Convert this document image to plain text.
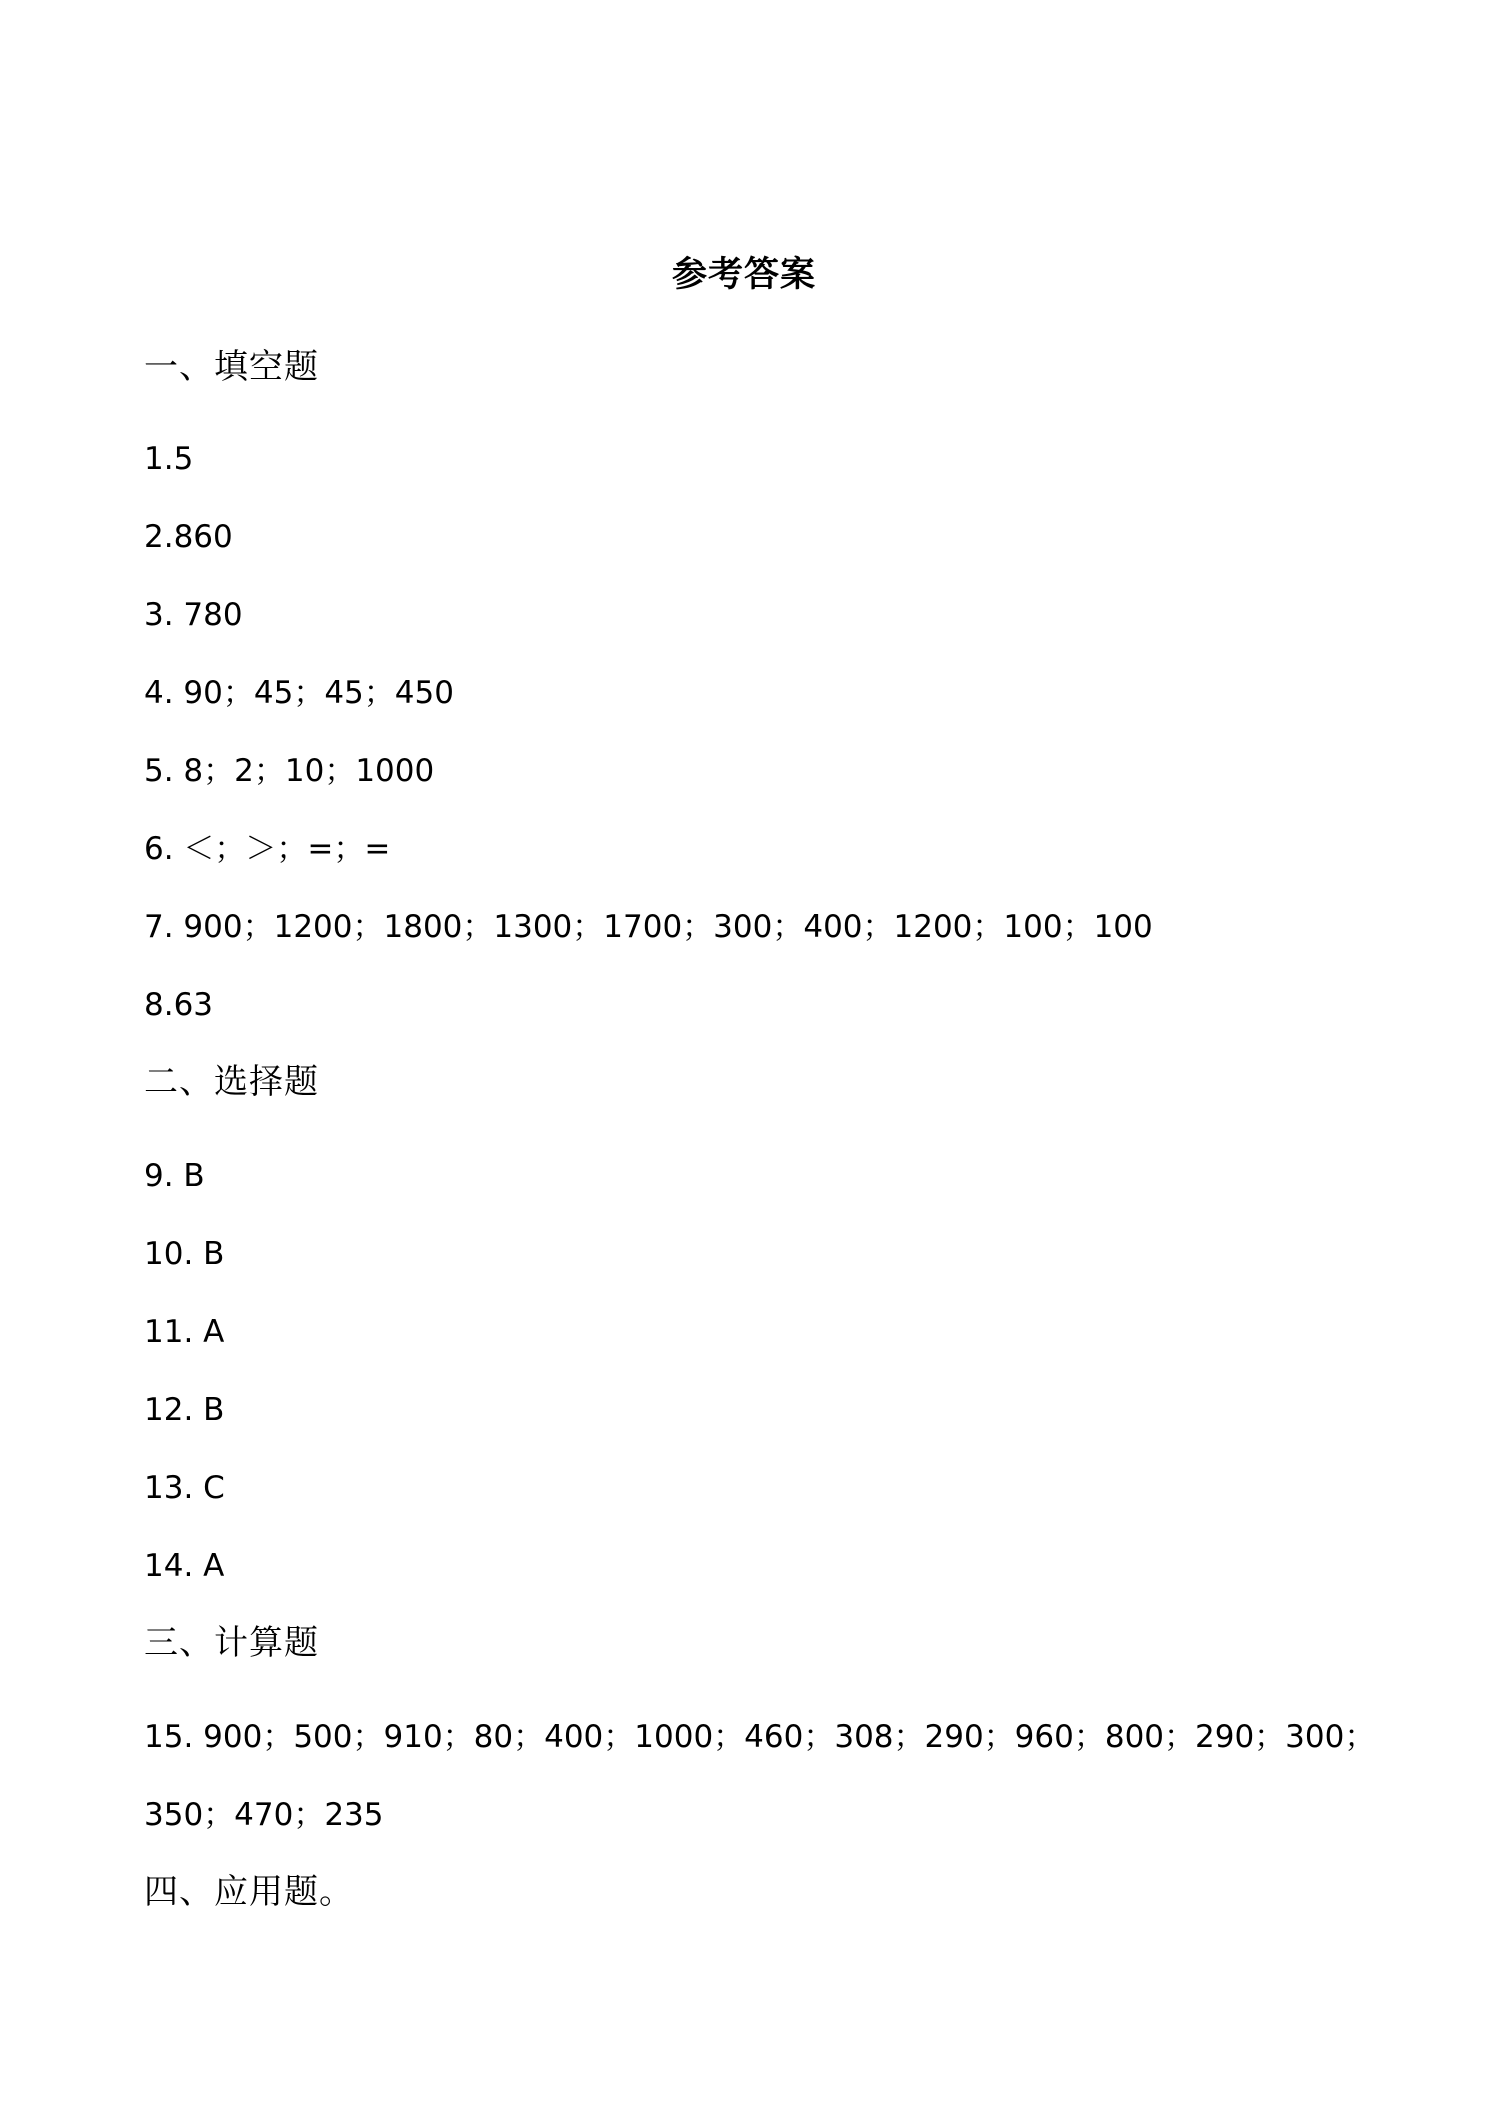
参考答案
一、填空题
1.5
2.860
3. 780
4. 90；45；45；450
5. 8；2；10；1000
6. ＜；＞；=；=
7. 900；1200；1800；1300；1700；300；400；1200；100；100
8.63
二、选择题
9. B
10. B
11. A
12. B
13. C
14. A
三、计算题
15. 900；500；910；80；400；1000；460；308；290；960；800；290；300；
350；470；235
四、应用题。
